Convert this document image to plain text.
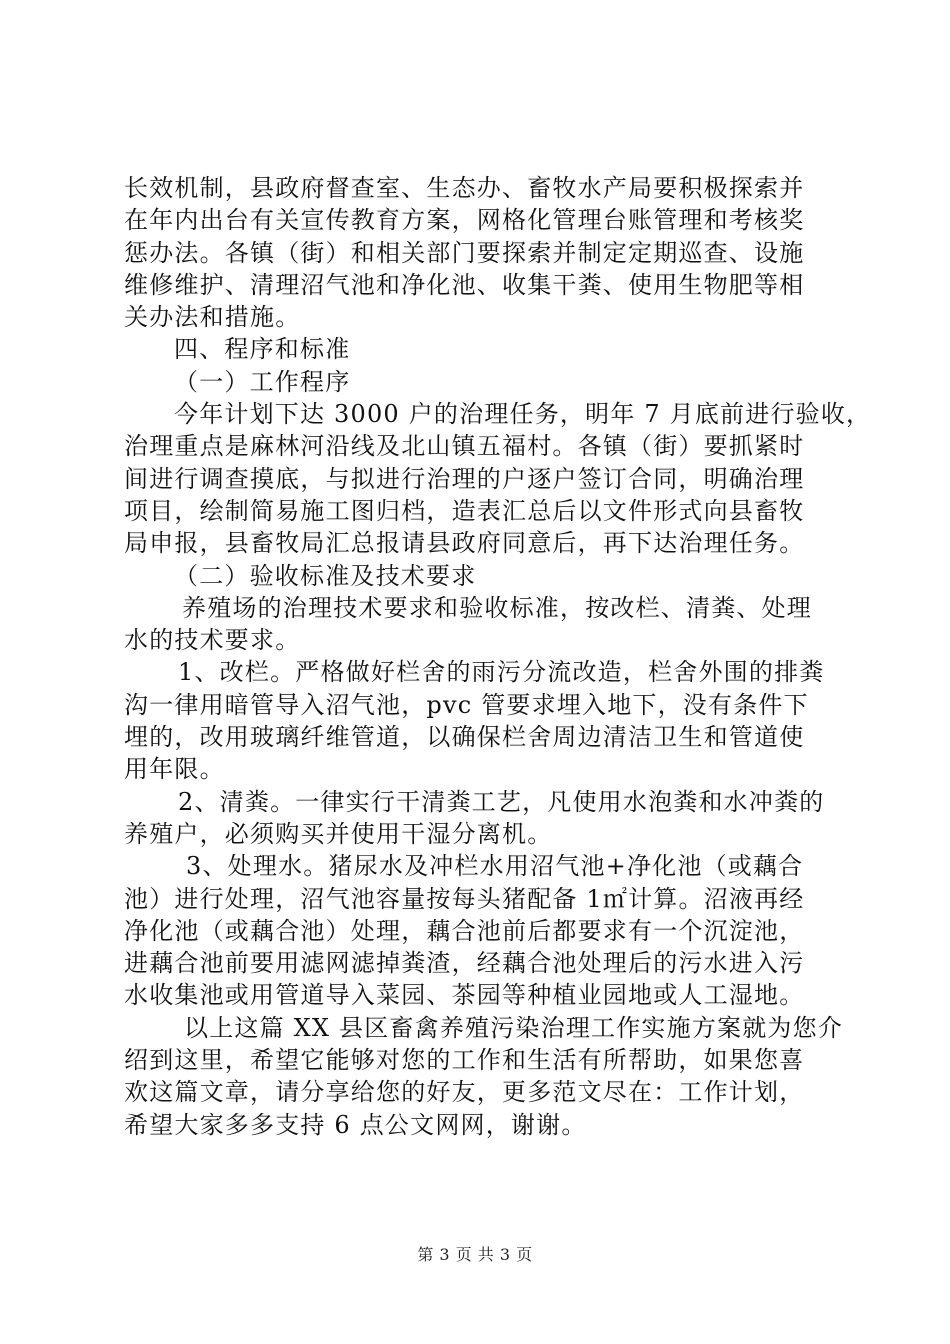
长效机制，县政府督查室、生态办、畜牧水产局要积极探索并
在年内出台有关宣传教育方案，网格化管理台账管理和考核奖
惩办法。各镇（街）和相关部门要探索并制定定期巡查、设施
维修维护、清理沼气池和净化池、收集干粪、使用生物肥等相
关办法和措施。
四、程序和标准
（一）工作程序
今年计划下达 3000 户的治理任务，明年 7 月底前进行验收，
治理重点是麻林河沿线及北山镇五福村。各镇（街）要抓紧时
间进行调查摸底，与拟进行治理的户逐户签订合同，明确治理
项目，绘制简易施工图归档，造表汇总后以文件形式向县畜牧
局申报，县畜牧局汇总报请县政府同意后，再下达治理任务。
（二）验收标准及技术要求
养殖场的治理技术要求和验收标准，按改栏、清粪、处理
水的技术要求。
1、改栏。严格做好栏舍的雨污分流改造，栏舍外围的排粪
沟一律用暗管导入沼气池，pvc 管要求埋入地下，没有条件下
埋的，改用玻璃纤维管道，以确保栏舍周边清洁卫生和管道使
用年限。
2、清粪。一律实行干清粪工艺，凡使用水泡粪和水冲粪的
养殖户，必须购买并使用干湿分离机。
3、处理水。猪尿水及冲栏水用沼气池+净化池（或藕合
池）进行处理，沼气池容量按每头猪配备 1㎡计算。沼液再经
净化池（或藕合池）处理，藕合池前后都要求有一个沉淀池，
进藕合池前要用滤网滤掉粪渣，经藕合池处理后的污水进入污
水收集池或用管道导入菜园、茶园等种植业园地或人工湿地。
以上这篇 XX 县区畜禽养殖污染治理工作实施方案就为您介
绍到这里，希望它能够对您的工作和生活有所帮助，如果您喜
欢这篇文章，请分享给您的好友，更多范文尽在：工作计划，
希望大家多多支持 6 点公文网网，谢谢。
第 3 页 共 3 页
